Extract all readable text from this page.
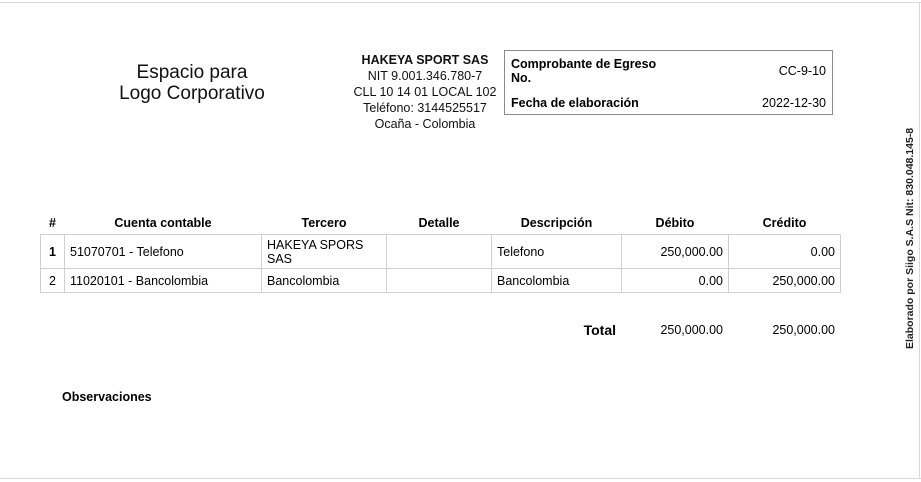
Espacio para
Logo Corporativo
HAKEYA SPORT SAS
NIT 9.001.346.780-7
CLL 10 14 01 LOCAL 102
Teléfono: 3144525517
Ocaña - Colombia
Comprobante de Egreso No.	CC-9-10
Fecha de elaboración	2022-12-30
#	Cuenta contable	Tercero	Detalle	Descripción	Débito	Crédito
1	51070701 - Telefono	HAKEYA SPORS SAS		Telefono	250,000.00	0.00
2	11020101 - Bancolombia	Bancolombia		Bancolombia	0.00	250,000.00
Total	250,000.00	250,000.00
Observaciones
Elaborado por Siigo S.A.S Nit: 830.048.145-8
